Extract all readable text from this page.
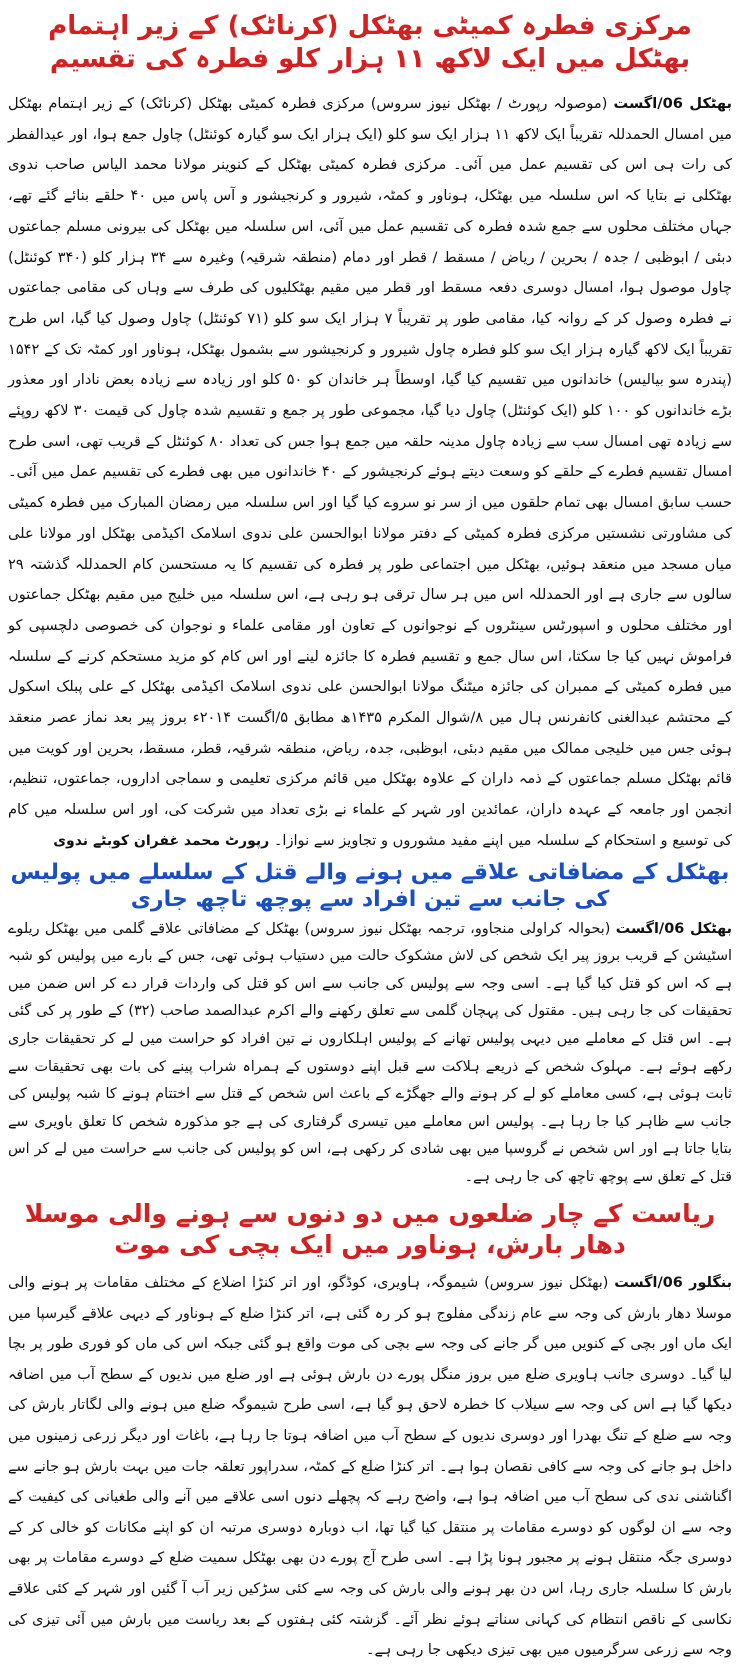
مرکزی فطرہ کمیٹی بھٹکل (کرناٹک) کے زیر اہتمام بھٹکل میں ایک لاکھ ۱۱ ہزار کلو فطرہ کی تقسیم

بھٹکل 06/اگست (موصولہ رپورٹ / بھٹکل نیوز سروس) مرکزی فطرہ کمیٹی بھٹکل (کرناٹک) کے زیر اہتمام بھٹکل میں امسال الحمدللہ تقریباً ایک لاکھ ۱۱ ہزار ایک سو کلو (ایک ہزار ایک سو گیارہ کوئنٹل) چاول جمع ہوا، اور عیدالفطر کی رات ہی اس کی تقسیم عمل میں آئی۔ مرکزی فطرہ کمیٹی بھٹکل کے کنوینر مولانا محمد الیاس صاحب ندوی بھٹکلی نے بتایا کہ اس سلسلہ میں بھٹکل، ہوناور و کمٹہ، شیرور و کرنجیشور و آس پاس میں ۴۰ حلقے بنائے گئے تھے، جہاں مختلف محلوں سے جمع شدہ فطرہ کی تقسیم عمل میں آئی، اس سلسلہ میں بھٹکل کی بیرونی مسلم جماعتوں دبئی / ابوظبی / جدہ / بحرین / ریاض / مسقط / قطر اور دمام (منطقہ شرقیہ) وغیرہ سے ۳۴ ہزار کلو (۳۴۰ کوئنٹل) چاول موصول ہوا، امسال دوسری دفعہ مسقط اور قطر میں مقیم بھٹکلیوں کی طرف سے وہاں کی مقامی جماعتوں نے فطرہ وصول کر کے روانہ کیا، مقامی طور پر تقریباً ۷ ہزار ایک سو کلو (۷۱ کوئنٹل) چاول وصول کیا گیا، اس طرح تقریباً ایک لاکھ گیارہ ہزار ایک سو کلو فطرہ چاول شیرور و کرنجیشور سے بشمول بھٹکل، ہوناور اور کمٹہ تک کے ۱۵۴۲ (پندرہ سو بیالیس) خاندانوں میں تقسیم کیا گیا، اوسطاً ہر خاندان کو ۵۰ کلو اور زیادہ سے زیادہ بعض نادار اور معذور بڑے خاندانوں کو ۱۰۰ کلو (ایک کوئنٹل) چاول دیا گیا، مجموعی طور پر جمع و تقسیم شدہ چاول کی قیمت ۳۰ لاکھ روپئے سے زیادہ تھی امسال سب سے زیادہ چاول مدینہ حلقہ میں جمع ہوا جس کی تعداد ۸۰ کوئنٹل کے قریب تھی، اسی طرح امسال تقسیم فطرے کے حلقے کو وسعت دیتے ہوئے کرنجیشور کے ۴۰ خاندانوں میں بھی فطرے کی تقسیم عمل میں آئی۔ حسب سابق امسال بھی تمام حلقوں میں از سر نو سروے کیا گیا اور اس سلسلہ میں رمضان المبارک میں فطرہ کمیٹی کی مشاورتی نشستیں مرکزی فطرہ کمیٹی کے دفتر مولانا ابوالحسن علی ندوی اسلامک اکیڈمی بھٹکل اور مولانا علی میاں مسجد میں منعقد ہوئیں، بھٹکل میں اجتماعی طور پر فطرہ کی تقسیم کا یہ مستحسن کام الحمدللہ گذشتہ ۲۹ سالوں سے جاری ہے اور الحمدللہ اس میں ہر سال ترقی ہو رہی ہے، اس سلسلہ میں خلیج میں مقیم بھٹکل جماعتوں اور مختلف محلوں و اسپورٹس سینٹروں کے نوجوانوں کے تعاون اور مقامی علماء و نوجوان کی خصوصی دلچسپی کو فراموش نہیں کیا جا سکتا، اس سال جمع و تقسیم فطرہ کا جائزہ لینے اور اس کام کو مزید مستحکم کرنے کے سلسلہ میں فطرہ کمیٹی کے ممبران کی جائزہ میٹنگ مولانا ابوالحسن علی ندوی اسلامک اکیڈمی بھٹکل کے علی پبلک اسکول کے محتشم عبدالغنی کانفرنس ہال میں ۸/شوال المکرم ۱۴۳۵ھ مطابق ۵/اگست ۲۰۱۴ء بروز پیر بعد نماز عصر منعقد ہوئی جس میں خلیجی ممالک میں مقیم دبئی، ابوظبی، جدہ، ریاض، منطقہ شرقیہ، قطر، مسقط، بحرین اور کویت میں قائم بھٹکل مسلم جماعتوں کے ذمہ داران کے علاوہ بھٹکل میں قائم مرکزی تعلیمی و سماجی اداروں، جماعتوں، تنظیم، انجمن اور جامعہ کے عہدہ داران، عمائدین اور شہر کے علماء نے بڑی تعداد میں شرکت کی، اور اس سلسلہ میں کام کی توسیع و استحکام کے سلسلہ میں اپنے مفید مشوروں و تجاویز سے نوازا۔ رپورٹ محمد غفران کوبٹے ندوی

بھٹکل کے مضافاتی علاقے میں ہونے والے قتل کے سلسلے میں پولیس کی جانب سے تین افراد سے پوچھ تاچھ جاری

بھٹکل 06/اگست (بحوالہ کراولی منجاوو، ترجمہ بھٹکل نیوز سروس) بھٹکل کے مضافاتی علاقے گلمی میں بھٹکل ریلوے اسٹیشن کے قریب بروز پیر ایک شخص کی لاش مشکوک حالت میں دستیاب ہوئی تھی، جس کے بارے میں پولیس کو شبہ ہے کہ اس کو قتل کیا گیا ہے۔ اسی وجہ سے پولیس کی جانب سے اس کو قتل کی واردات قرار دے کر اس ضمن میں تحقیقات کی جا رہی ہیں۔ مقتول کی پہچان گلمی سے تعلق رکھنے والے اکرم عبدالصمد صاحب (۳۲) کے طور پر کی گئی ہے۔ اس قتل کے معاملے میں دیہی پولیس تھانے کے پولیس اہلکاروں نے تین افراد کو حراست میں لے کر تحقیقات جاری رکھے ہوئے ہے۔ مہلوک شخص کے ذریعے ہلاکت سے قبل اپنے دوستوں کے ہمراہ شراب پینے کی بات بھی تحقیقات سے ثابت ہوئی ہے، کسی معاملے کو لے کر ہونے والے جھگڑے کے باعث اس شخص کے قتل سے اختتام ہونے کا شبہ پولیس کی جانب سے ظاہر کیا جا رہا ہے۔ پولیس اس معاملے میں تیسری گرفتاری کی ہے جو مذکورہ شخص کا تعلق باویری سے بتایا جاتا ہے اور اس شخص نے گروسپا میں بھی شادی کر رکھی ہے، اس کو پولیس کی جانب سے حراست میں لے کر اس قتل کے تعلق سے پوچھ تاچھ کی جا رہی ہے۔

ریاست کے چار ضلعوں میں دو دنوں سے ہونے والی موسلا دھار بارش، ہوناور میں ایک بچی کی موت

بنگلور 06/اگست (بھٹکل نیوز سروس) شیموگہ، ہاویری، کوڈگو، اور اتر کنڑا اضلاع کے مختلف مقامات پر ہونے والی موسلا دھار بارش کی وجہ سے عام زندگی مفلوج ہو کر رہ گئی ہے، اتر کنڑا ضلع کے ہوناور کے دیہی علاقے گیرسپا میں ایک ماں اور بچی کے کنویں میں گر جانے کی وجہ سے بچی کی موت واقع ہو گئی جبکہ اس کی ماں کو فوری طور پر بچا لیا گیا۔ دوسری جانب ہاویری ضلع میں بروز منگل پورے دن بارش ہوئی ہے اور ضلع میں ندیوں کے سطح آب میں اضافہ دیکھا گیا ہے اس کی وجہ سے سیلاب کا خطرہ لاحق ہو گیا ہے، اسی طرح شیموگہ ضلع میں ہونے والی لگاتار بارش کی وجہ سے ضلع کے تنگ بھدرا اور دوسری ندیوں کے سطح آب میں اضافہ ہوتا جا رہا ہے، باغات اور دیگر زرعی زمینوں میں داخل ہو جانے کی وجہ سے کافی نقصان ہوا ہے۔ اتر کنڑا ضلع کے کمٹہ، سدراپور تعلقہ جات میں بہت بارش ہو جانے سے اگناشنی ندی کی سطح آب میں اضافہ ہوا ہے، واضح رہے کہ پچھلے دنوں اسی علاقے میں آنے والی طغیانی کی کیفیت کے وجہ سے ان لوگوں کو دوسرے مقامات پر منتقل کیا گیا تھا، اب دوبارہ دوسری مرتبہ ان کو اپنے مکانات کو خالی کر کے دوسری جگہ منتقل ہونے پر مجبور ہونا پڑا ہے۔ اسی طرح آج پورے دن بھی بھٹکل سمیت ضلع کے دوسرے مقامات پر بھی بارش کا سلسلہ جاری رہا، اس دن بھر ہونے والی بارش کی وجہ سے کئی سڑکیں زیر آب آ گئیں اور شہر کے کئی علاقے نکاسی کے ناقص انتظام کی کہانی سناتے ہوئے نظر آئے۔ گزشتہ کئی ہفتوں کے بعد ریاست میں بارش میں آئی تیزی کی وجہ سے زرعی سرگرمیوں میں بھی تیزی دیکھی جا رہی ہے۔
